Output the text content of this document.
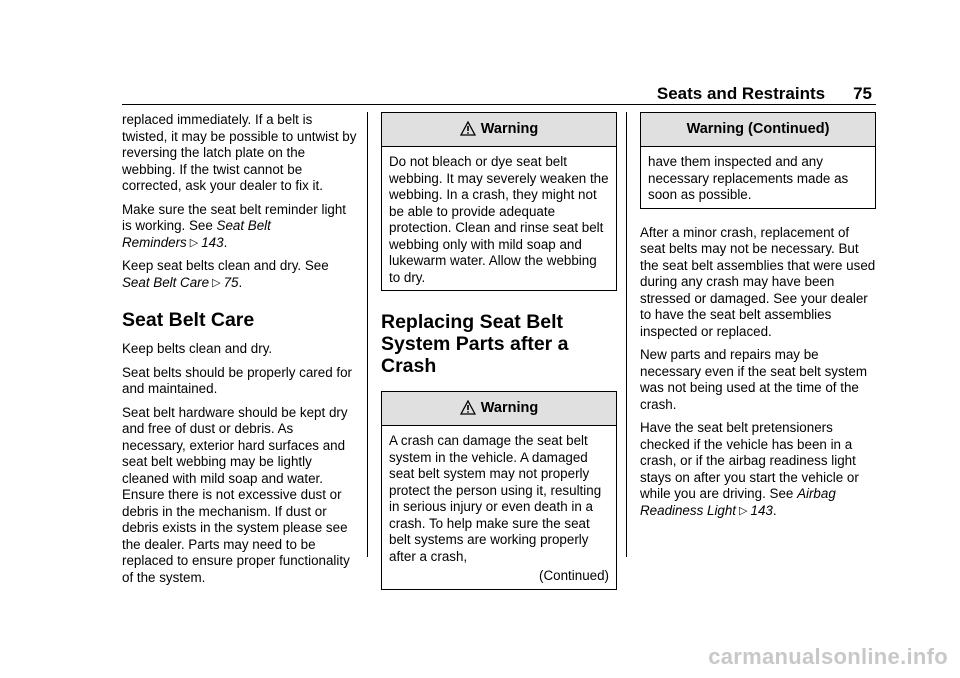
Seats and Restraints 75

replaced immediately. If a belt is twisted, it may be possible to untwist by reversing the latch plate on the webbing. If the twist cannot be corrected, ask your dealer to fix it.

Make sure the seat belt reminder light is working. See Seat Belt Reminders ▷ 143.

Keep seat belts clean and dry. See Seat Belt Care ▷ 75.

Seat Belt Care

Keep belts clean and dry.

Seat belts should be properly cared for and maintained.

Seat belt hardware should be kept dry and free of dust or debris. As necessary, exterior hard surfaces and seat belt webbing may be lightly cleaned with mild soap and water. Ensure there is not excessive dust or debris in the mechanism. If dust or debris exists in the system please see the dealer. Parts may need to be replaced to ensure proper functionality of the system.

Warning

Do not bleach or dye seat belt webbing. It may severely weaken the webbing. In a crash, they might not be able to provide adequate protection. Clean and rinse seat belt webbing only with mild soap and lukewarm water. Allow the webbing to dry.

Replacing Seat Belt System Parts after a Crash
Warning

A crash can damage the seat belt system in the vehicle. A damaged seat belt system may not properly protect the person using it, resulting in serious injury or even death in a crash. To help make sure the seat belt systems are working properly after a crash,

(Continued)
Warning (Continued)

have them inspected and any necessary replacements made as soon as possible.

After a minor crash, replacement of seat belts may not be necessary. But the seat belt assemblies that were used during any crash may have been stressed or damaged. See your dealer to have the seat belt assemblies inspected or replaced.

New parts and repairs may be necessary even if the seat belt system was not being used at the time of the crash.

Have the seat belt pretensioners checked if the vehicle has been in a crash, or if the airbag readiness light stays on after you start the vehicle or while you are driving. See Airbag Readiness Light ▷ 143.

carmanualsonline.info
